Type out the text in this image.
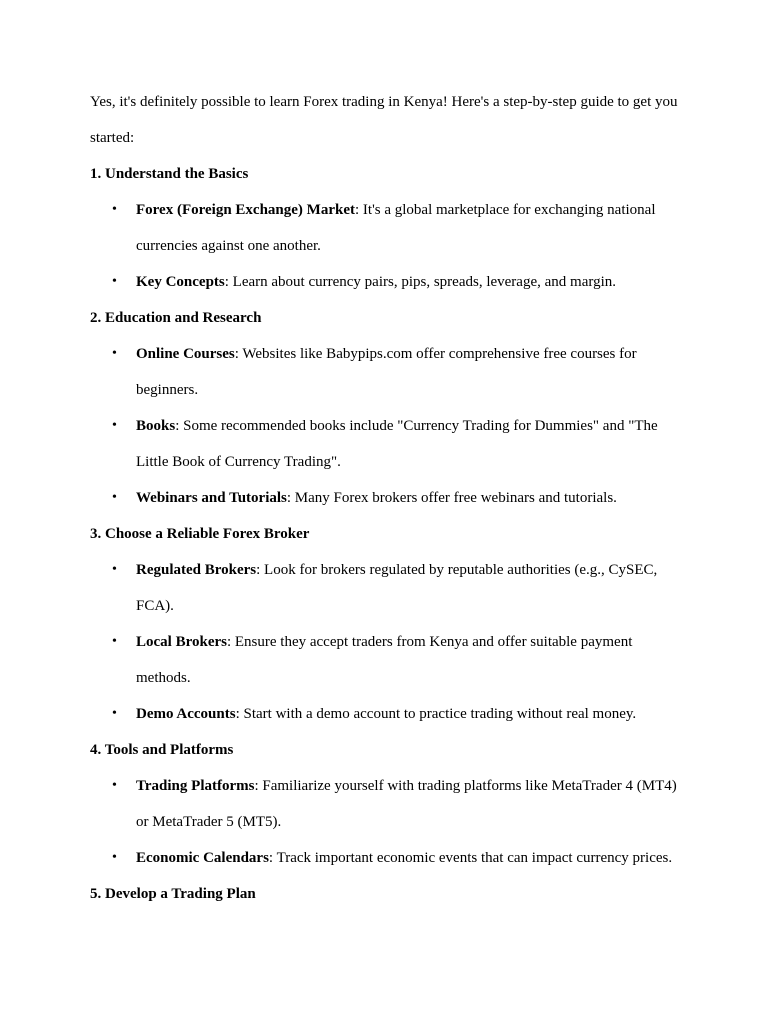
Yes, it's definitely possible to learn Forex trading in Kenya! Here's a step-by-step guide to get you started:

1. Understand the Basics

• Forex (Foreign Exchange) Market: It's a global marketplace for exchanging national currencies against one another.
• Key Concepts: Learn about currency pairs, pips, spreads, leverage, and margin.

2. Education and Research

• Online Courses: Websites like Babypips.com offer comprehensive free courses for beginners.
• Books: Some recommended books include "Currency Trading for Dummies" and "The Little Book of Currency Trading".
• Webinars and Tutorials: Many Forex brokers offer free webinars and tutorials.

3. Choose a Reliable Forex Broker

• Regulated Brokers: Look for brokers regulated by reputable authorities (e.g., CySEC, FCA).
• Local Brokers: Ensure they accept traders from Kenya and offer suitable payment methods.
• Demo Accounts: Start with a demo account to practice trading without real money.

4. Tools and Platforms

• Trading Platforms: Familiarize yourself with trading platforms like MetaTrader 4 (MT4) or MetaTrader 5 (MT5).
• Economic Calendars: Track important economic events that can impact currency prices.

5. Develop a Trading Plan
